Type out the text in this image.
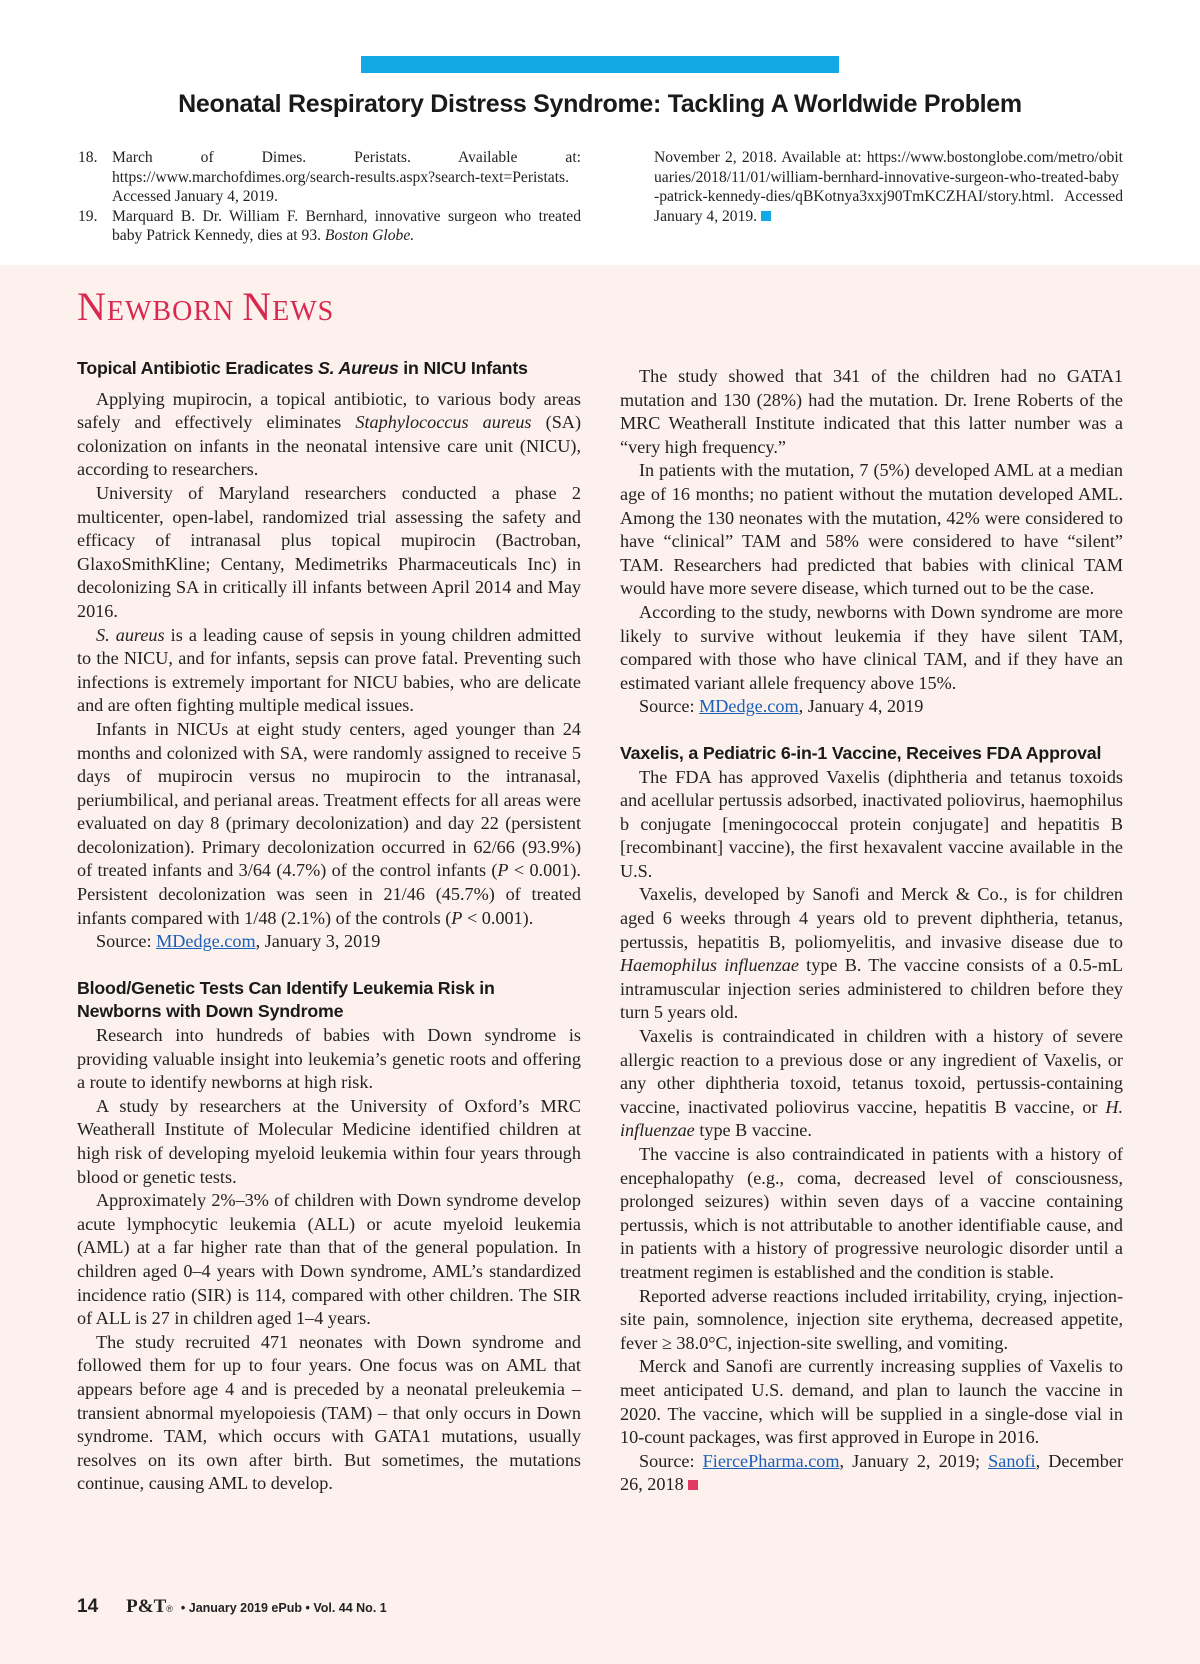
Neonatal Respiratory Distress Syndrome: Tackling A Worldwide Problem
18. March of Dimes. Peristats. Available at: https://www.marchofdimes.org/search-results.aspx?search-text=Peristats. Accessed January 4, 2019.
19. Marquard B. Dr. William F. Bernhard, innovative surgeon who treated baby Patrick Kennedy, dies at 93. Boston Globe.
November 2, 2018. Available at: https://www.bostonglobe.com/metro/obituaries/2018/11/01/william-bernhard-innovative-surgeon-who-treated-baby-patrick-kennedy-dies/qBKotnya3xxj90TmKCZHAI/story.html. Accessed January 4, 2019.
NEWBORN NEWS
Topical Antibiotic Eradicates S. Aureus in NICU Infants

Applying mupirocin, a topical antibiotic, to various body areas safely and effectively eliminates Staphylococcus aureus (SA) colonization on infants in the neonatal intensive care unit (NICU), according to researchers.

University of Maryland researchers conducted a phase 2 multicenter, open-label, randomized trial assessing the safety and efficacy of intranasal plus topical mupirocin (Bactroban, GlaxoSmithKline; Centany, Medimetriks Pharmaceuticals Inc) in decolonizing SA in critically ill infants between April 2014 and May 2016.

S. aureus is a leading cause of sepsis in young children admitted to the NICU, and for infants, sepsis can prove fatal. Preventing such infections is extremely important for NICU babies, who are delicate and are often fighting multiple medical issues.

Infants in NICUs at eight study centers, aged younger than 24 months and colonized with SA, were randomly assigned to receive 5 days of mupirocin versus no mupirocin to the intranasal, periumbilical, and perianal areas. Treatment effects for all areas were evaluated on day 8 (primary decolonization) and day 22 (persistent decolonization). Primary decolonization occurred in 62/66 (93.9%) of treated infants and 3/64 (4.7%) of the control infants (P < 0.001). Persistent decolonization was seen in 21/46 (45.7%) of treated infants compared with 1/48 (2.1%) of the controls (P < 0.001).

Source: MDedge.com, January 3, 2019

Blood/Genetic Tests Can Identify Leukemia Risk in
Newborns with Down Syndrome

Research into hundreds of babies with Down syndrome is providing valuable insight into leukemia’s genetic roots and offering a route to identify newborns at high risk.

A study by researchers at the University of Oxford’s MRC Weatherall Institute of Molecular Medicine identified children at high risk of developing myeloid leukemia within four years through blood or genetic tests.

Approximately 2%–3% of children with Down syndrome develop acute lymphocytic leukemia (ALL) or acute myeloid leukemia (AML) at a far higher rate than that of the general population. In children aged 0–4 years with Down syndrome, AML’s standardized incidence ratio (SIR) is 114, compared with other children. The SIR of ALL is 27 in children aged 1–4 years.

The study recruited 471 neonates with Down syndrome and followed them for up to four years. One focus was on AML that appears before age 4 and is preceded by a neonatal preleukemia – transient abnormal myelopoiesis (TAM) – that only occurs in Down syndrome. TAM, which occurs with GATA1 mutations, usually resolves on its own after birth. But sometimes, the mutations continue, causing AML to develop.

The study showed that 341 of the children had no GATA1 mutation and 130 (28%) had the mutation. Dr. Irene Roberts of the MRC Weatherall Institute indicated that this latter number was a “very high frequency.”

In patients with the mutation, 7 (5%) developed AML at a median age of 16 months; no patient without the mutation developed AML. Among the 130 neonates with the mutation, 42% were considered to have “clinical” TAM and 58% were considered to have “silent” TAM. Researchers had predicted that babies with clinical TAM would have more severe disease, which turned out to be the case.

According to the study, newborns with Down syndrome are more likely to survive without leukemia if they have silent TAM, compared with those who have clinical TAM, and if they have an estimated variant allele frequency above 15%.

Source: MDedge.com, January 4, 2019

Vaxelis, a Pediatric 6-in-1 Vaccine, Receives FDA Approval

The FDA has approved Vaxelis (diphtheria and tetanus toxoids and acellular pertussis adsorbed, inactivated poliovirus, haemophilus b conjugate [meningococcal protein conjugate] and hepatitis B [recombinant] vaccine), the first hexavalent vaccine available in the U.S.

Vaxelis, developed by Sanofi and Merck & Co., is for children aged 6 weeks through 4 years old to prevent diphtheria, tetanus, pertussis, hepatitis B, poliomyelitis, and invasive disease due to Haemophilus influenzae type B. The vaccine consists of a 0.5-mL intramuscular injection series administered to children before they turn 5 years old.

Vaxelis is contraindicated in children with a history of severe allergic reaction to a previous dose or any ingredient of Vaxelis, or any other diphtheria toxoid, tetanus toxoid, pertussis-containing vaccine, inactivated poliovirus vaccine, hepatitis B vaccine, or H. influenzae type B vaccine.

The vaccine is also contraindicated in patients with a history of encephalopathy (e.g., coma, decreased level of consciousness, prolonged seizures) within seven days of a vaccine containing pertussis, which is not attributable to another identifiable cause, and in patients with a history of progressive neurologic disorder until a treatment regimen is established and the condition is stable.

Reported adverse reactions included irritability, crying, injection-site pain, somnolence, injection site erythema, decreased appetite, fever ≥ 38.0°C, injection-site swelling, and vomiting.

Merck and Sanofi are currently increasing supplies of Vaxelis to meet anticipated U.S. demand, and plan to launch the vaccine in 2020. The vaccine, which will be supplied in a single-dose vial in 10-count packages, was first approved in Europe in 2016.

Source: FiercePharma.com, January 2, 2019; Sanofi, December 26, 2018

14 P&T ® • January 2019 ePub • Vol. 44 No. 1
